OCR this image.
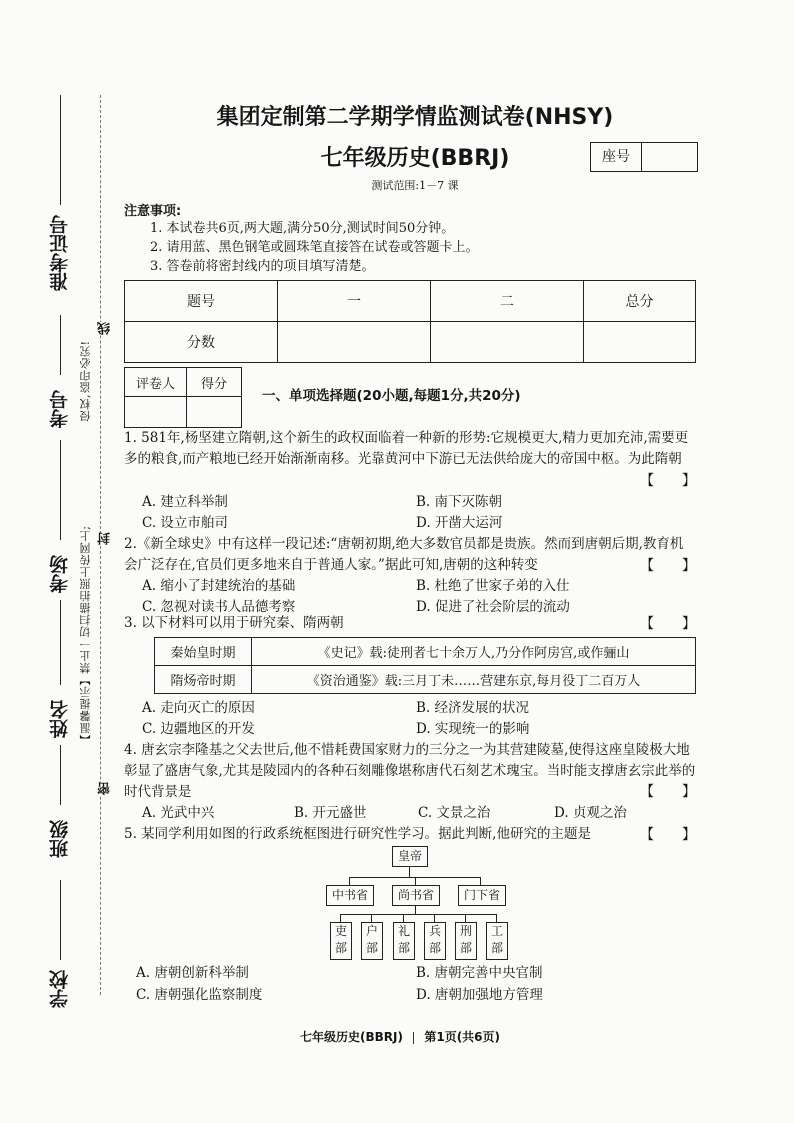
准考证号
考号
考场
姓名
班级
学校
线
封
密
【温馨提示】禁止一切扫描拍照上传网上;
侵权,盗印必究!
集团定制第二学期学情监测试卷(NHSY)
七年级历史(BBRJ)	座号
测试范围:1－7 课
注意事项:
1. 本试卷共6页,两大题,满分50分,测试时间50分钟。
2. 请用蓝、黑色钢笔或圆珠笔直接答在试卷或答题卡上。
3. 答卷前将密封线内的项目填写清楚。
题号	一	二	总分
分数			
评卷人	得分

一、单项选择题(20小题,每题1分,共20分)
1. 581年,杨坚建立隋朝,这个新生的政权面临着一种新的形势:它规模更大,精力更加充沛,需要更多的粮食,而产粮地已经开始渐渐南移。光靠黄河中下游已无法供给庞大的帝国中枢。为此隋朝
【　　】
A. 建立科举制	B. 南下灭陈朝
C. 设立市舶司	D. 开凿大运河
2.《新全球史》中有这样一段记述:“唐朝初期,绝大多数官员都是贵族。然而到唐朝后期,教育机会广泛存在,官员们更多地来自于普通人家。”据此可知,唐朝的这种转变	【　　】
A. 缩小了封建统治的基础	B. 杜绝了世家子弟的入仕
C. 忽视对读书人品德考察	D. 促进了社会阶层的流动
3. 以下材料可以用于研究秦、隋两朝	【　　】
秦始皇时期	《史记》载:徒刑者七十余万人,乃分作阿房宫,或作骊山
隋炀帝时期	《资治通鉴》载:三月丁未……营建东京,每月役丁二百万人
A. 走向灭亡的原因	B. 经济发展的状况
C. 边疆地区的开发	D. 实现统一的影响
4. 唐玄宗李隆基之父去世后,他不惜耗费国家财力的三分之一为其营建陵墓,使得这座皇陵极大地彰显了盛唐气象,尤其是陵园内的各种石刻雕像堪称唐代石刻艺术瑰宝。当时能支撑唐玄宗此举的时代背景是	【　　】
A. 光武中兴	B. 开元盛世	C. 文景之治	D. 贞观之治
5. 某同学利用如图的行政系统框图进行研究性学习。据此判断,他研究的主题是	【　　】
皇帝
中书省	尚书省	门下省
吏部
户部
礼部
兵部
刑部
工部
A. 唐朝创新科举制	B. 唐朝完善中央官制
C. 唐朝强化监察制度	D. 唐朝加强地方管理
七年级历史(BBRJ) 第1页(共6页)
